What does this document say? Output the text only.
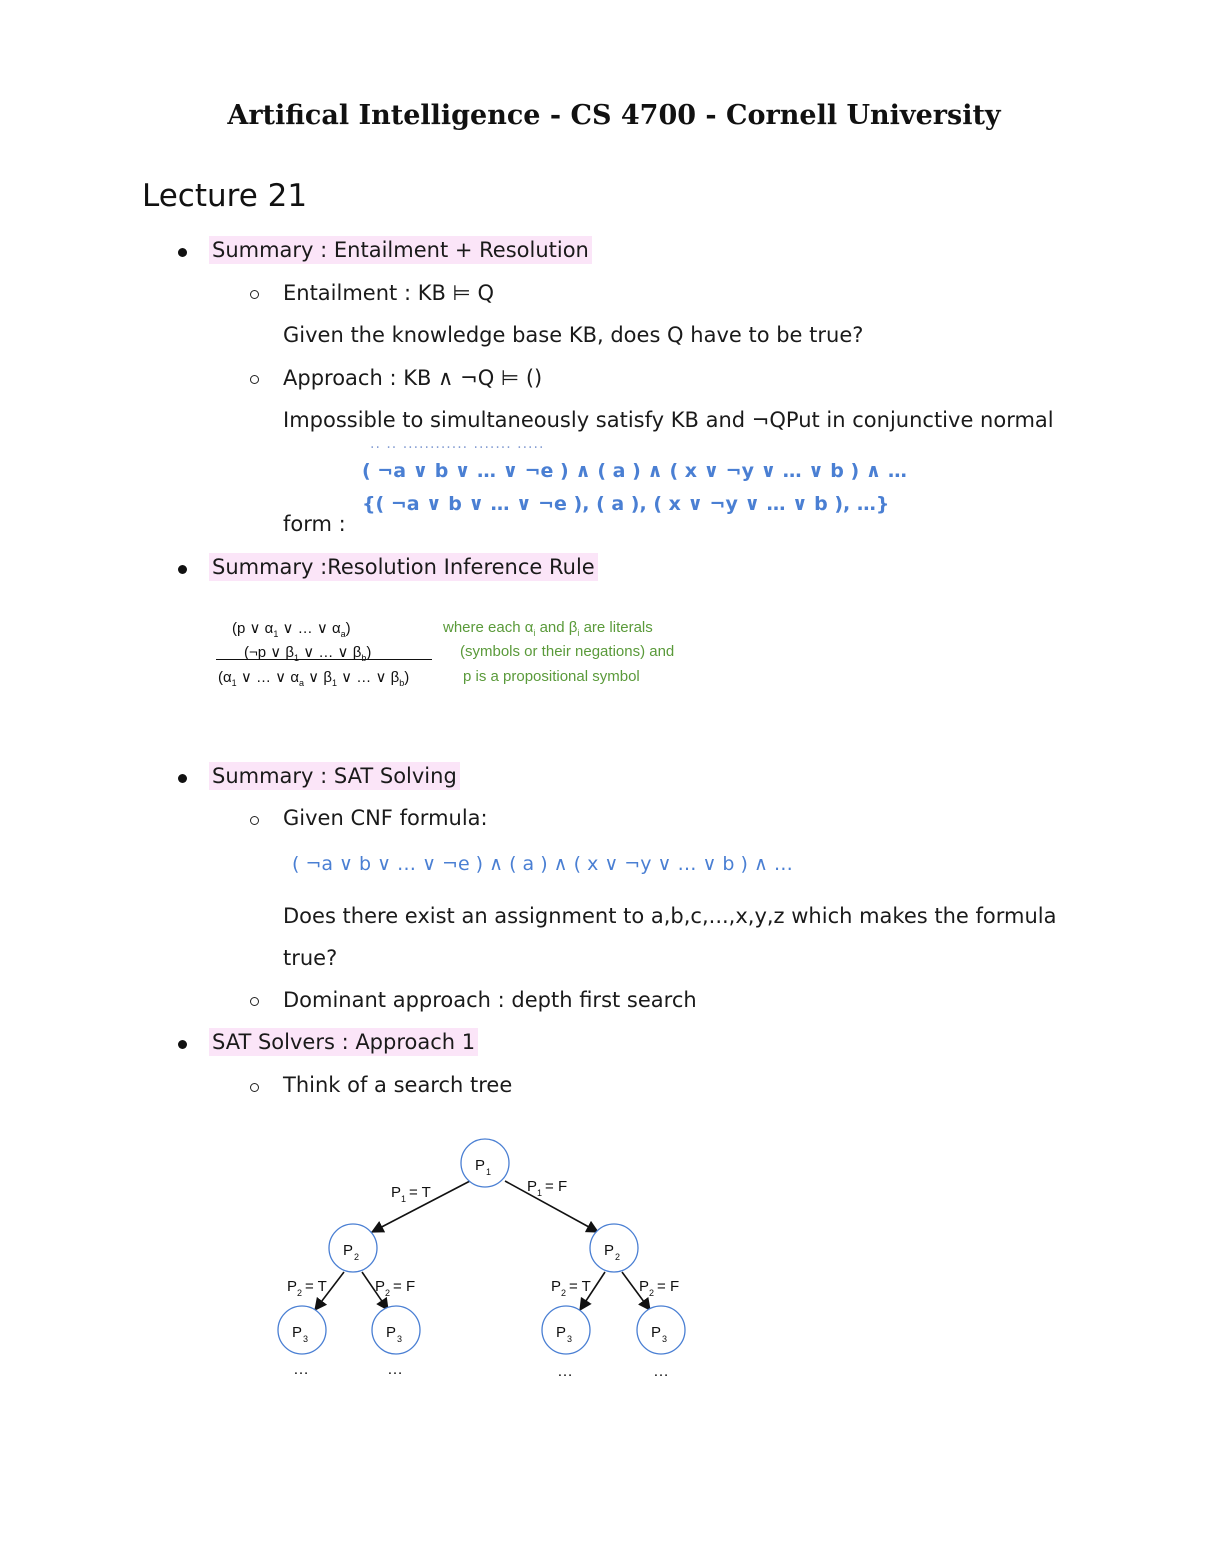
Artifical Intelligence - CS 4700 - Cornell University
Lecture 21
Summary : Entailment + Resolution
Entailment : KB ⊨ Q
Given the knowledge base KB, does Q have to be true?
Approach : KB ∧ ¬Q ⊨ ()
Impossible to simultaneously satisfy KB and ¬QPut in conjunctive normal
·· ·· ············ ······· ·····
( ¬a ∨ b ∨ … ∨ ¬e ) ∧ ( a ) ∧ ( x ∨ ¬y ∨ … ∨ b ) ∧ …
{( ¬a ∨ b ∨ … ∨ ¬e ), ( a ), ( x ∨ ¬y ∨ … ∨ b ), …}
form :
Summary :Resolution Inference Rule
(p ∨ $\alpha_1$ ∨ … ∨ $\alpha_a$)
(¬p ∨ $\beta_1$ ∨ … ∨ $\beta_b$)
($\alpha_1$ ∨ … ∨ $\alpha_a$ ∨ $\beta_1$ ∨ … ∨ $\beta_b$)
where each $\alpha_i$ and $\beta_i$ are literals
(symbols or their negations) and
p is a propositional symbol
Summary : SAT Solving
Given CNF formula:
( ¬a ∨ b ∨ … ∨ ¬e ) ∧ ( a ) ∧ ( x ∨ ¬y ∨ … ∨ b ) ∧ …
Does there exist an assignment to a,b,c,...,x,y,z which makes the formula
true?
Dominant approach : depth first search
SAT Solvers : Approach 1
Think of a search tree
P 1
P 2	P 2
P 3	P 3	P 3	P 3
P 1 = T	P 1 = F
P 2 = T	P 2 = F	P 2 = T	P 2 = F
…	…	…	…
